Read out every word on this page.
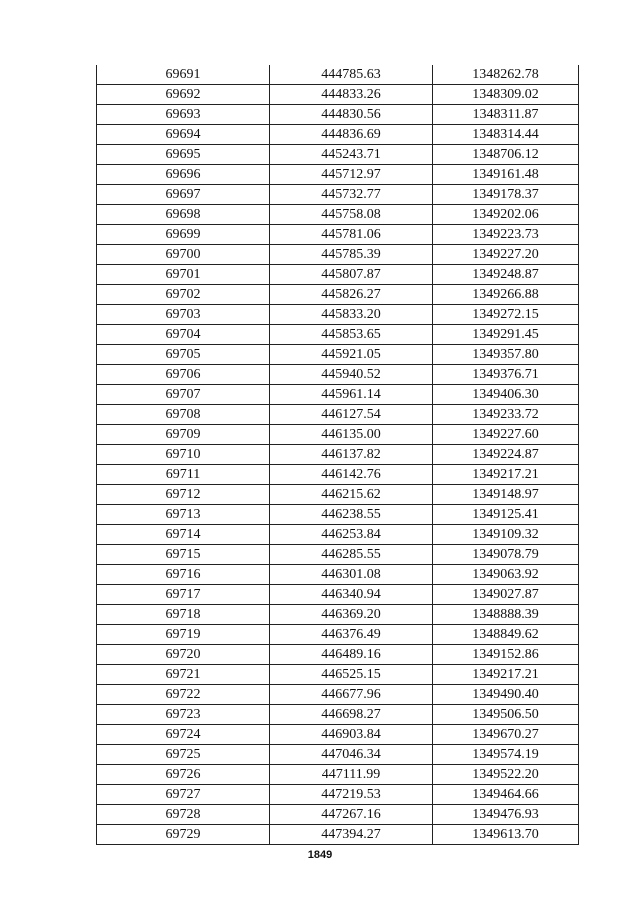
69691	444785.63	1348262.78
69692	444833.26	1348309.02
69693	444830.56	1348311.87
69694	444836.69	1348314.44
69695	445243.71	1348706.12
69696	445712.97	1349161.48
69697	445732.77	1349178.37
69698	445758.08	1349202.06
69699	445781.06	1349223.73
69700	445785.39	1349227.20
69701	445807.87	1349248.87
69702	445826.27	1349266.88
69703	445833.20	1349272.15
69704	445853.65	1349291.45
69705	445921.05	1349357.80
69706	445940.52	1349376.71
69707	445961.14	1349406.30
69708	446127.54	1349233.72
69709	446135.00	1349227.60
69710	446137.82	1349224.87
69711	446142.76	1349217.21
69712	446215.62	1349148.97
69713	446238.55	1349125.41
69714	446253.84	1349109.32
69715	446285.55	1349078.79
69716	446301.08	1349063.92
69717	446340.94	1349027.87
69718	446369.20	1348888.39
69719	446376.49	1348849.62
69720	446489.16	1349152.86
69721	446525.15	1349217.21
69722	446677.96	1349490.40
69723	446698.27	1349506.50
69724	446903.84	1349670.27
69725	447046.34	1349574.19
69726	447111.99	1349522.20
69727	447219.53	1349464.66
69728	447267.16	1349476.93
69729	447394.27	1349613.70
1849
